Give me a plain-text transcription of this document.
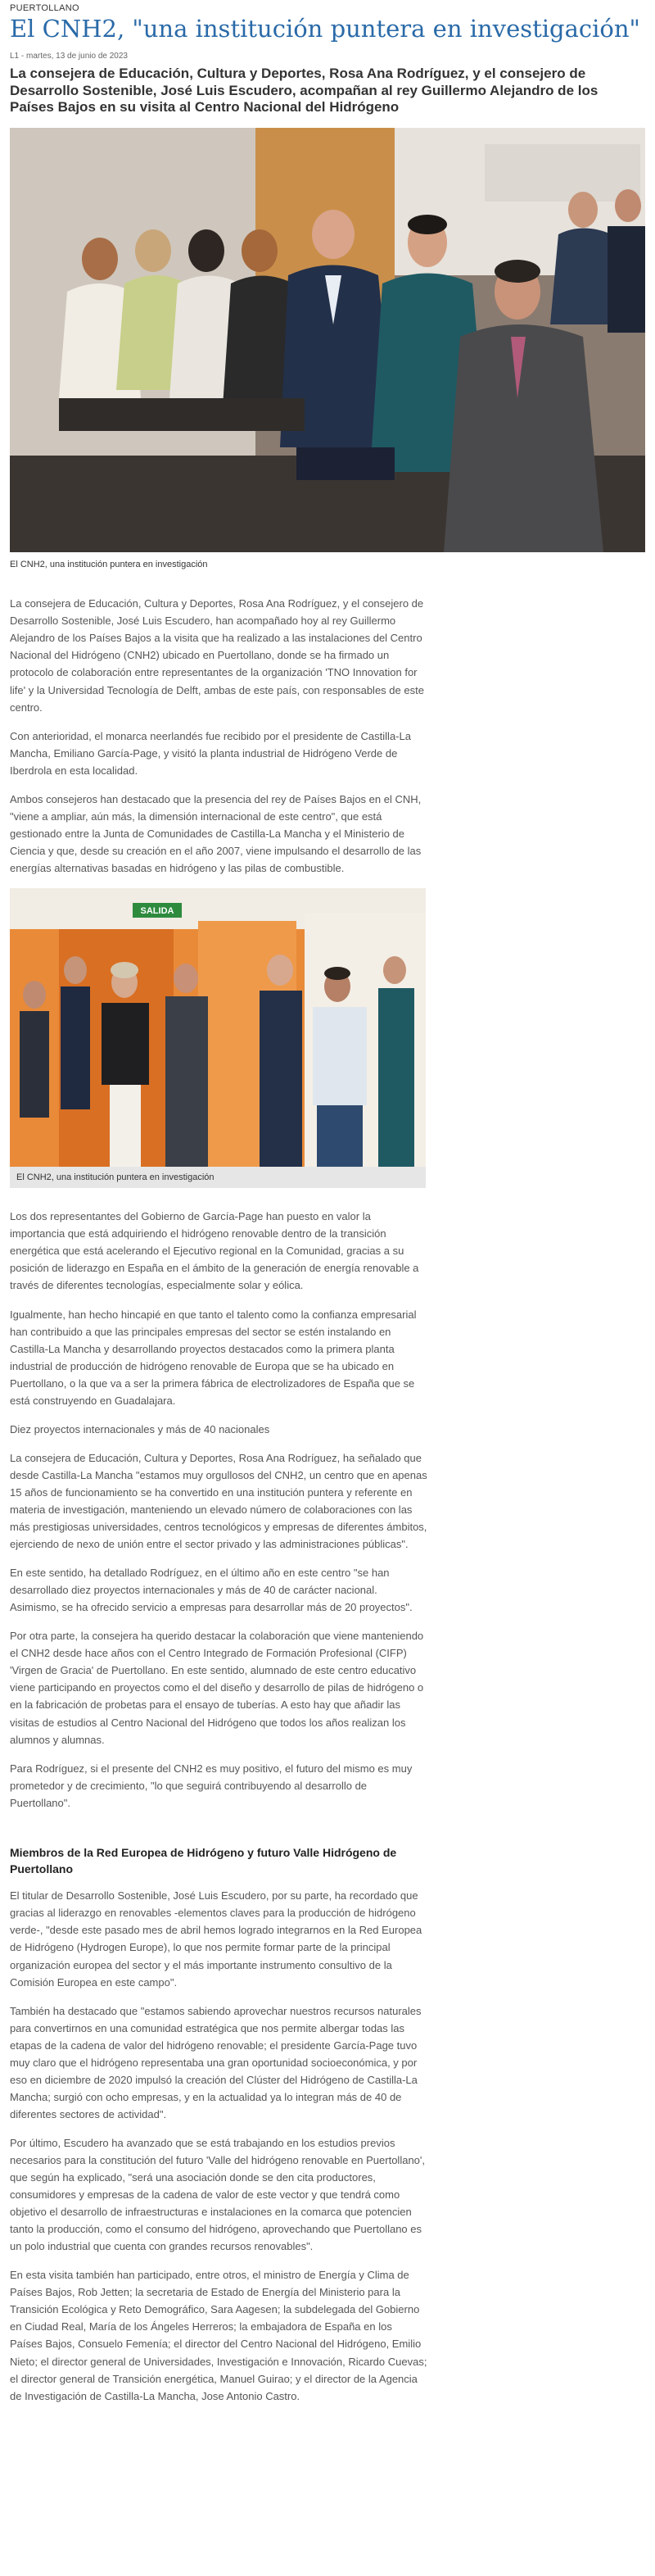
PUERTOLLANO
El CNH2, "una institución puntera en investigación"
L1 - martes, 13 de junio de 2023
La consejera de Educación, Cultura y Deportes, Rosa Ana Rodríguez, y el consejero de Desarrollo Sostenible, José Luis Escudero, acompañan al rey Guillermo Alejandro de los Países Bajos en su visita al Centro Nacional del Hidrógeno
El CNH2, una institución puntera en investigación

La consejera de Educación, Cultura y Deportes, Rosa Ana Rodríguez, y el consejero de Desarrollo Sostenible, José Luis Escudero, han acompañado hoy al rey Guillermo Alejandro de los Países Bajos a la visita que ha realizado a las instalaciones del Centro Nacional del Hidrógeno (CNH2) ubicado en Puertollano, donde se ha firmado un protocolo de colaboración entre representantes de la organización 'TNO Innovation for life' y la Universidad Tecnología de Delft, ambas de este país, con responsables de este centro.

Con anterioridad, el monarca neerlandés fue recibido por el presidente de Castilla-La Mancha, Emiliano García-Page, y visitó la planta industrial de Hidrógeno Verde de Iberdrola en esta localidad.

Ambos consejeros han destacado que la presencia del rey de Países Bajos en el CNH, "viene a ampliar, aún más, la dimensión internacional de este centro", que está gestionado entre la Junta de Comunidades de Castilla-La Mancha y el Ministerio de Ciencia y que, desde su creación en el año 2007, viene impulsando el desarrollo de las energías alternativas basadas en hidrógeno y las pilas de combustible.

SALIDA
El CNH2, una institución puntera en investigación

Los dos representantes del Gobierno de García-Page han puesto en valor la importancia que está adquiriendo el hidrógeno renovable dentro de la transición energética que está acelerando el Ejecutivo regional en la Comunidad, gracias a su posición de liderazgo en España en el ámbito de la generación de energía renovable a través de diferentes tecnologías, especialmente solar y eólica.

Igualmente, han hecho hincapié en que tanto el talento como la confianza empresarial han contribuido a que las principales empresas del sector se estén instalando en Castilla-La Mancha y desarrollando proyectos destacados como la primera planta industrial de producción de hidrógeno renovable de Europa que se ha ubicado en Puertollano, o la que va a ser la primera fábrica de electrolizadores de España que se está construyendo en Guadalajara.

Diez proyectos internacionales y más de 40 nacionales

La consejera de Educación, Cultura y Deportes, Rosa Ana Rodríguez, ha señalado que desde Castilla-La Mancha "estamos muy orgullosos del CNH2, un centro que en apenas 15 años de funcionamiento se ha convertido en una institución puntera y referente en materia de investigación, manteniendo un elevado número de colaboraciones con las más prestigiosas universidades, centros tecnológicos y empresas de diferentes ámbitos, ejerciendo de nexo de unión entre el sector privado y las administraciones públicas".

En este sentido, ha detallado Rodríguez, en el último año en este centro "se han desarrollado diez proyectos internacionales y más de 40 de carácter nacional. Asimismo, se ha ofrecido servicio a empresas para desarrollar más de 20 proyectos".

Por otra parte, la consejera ha querido destacar la colaboración que viene manteniendo el CNH2 desde hace años con el Centro Integrado de Formación Profesional (CIFP) 'Virgen de Gracia' de Puertollano. En este sentido, alumnado de este centro educativo viene participando en proyectos como el del diseño y desarrollo de pilas de hidrógeno o en la fabricación de probetas para el ensayo de tuberías. A esto hay que añadir las visitas de estudios al Centro Nacional del Hidrógeno que todos los años realizan los alumnos y alumnas.

Para Rodríguez, si el presente del CNH2 es muy positivo, el futuro del mismo es muy prometedor y de crecimiento, "lo que seguirá contribuyendo al desarrollo de Puertollano".

Miembros de la Red Europea de Hidrógeno y futuro Valle Hidrógeno de Puertollano

El titular de Desarrollo Sostenible, José Luis Escudero, por su parte, ha recordado que gracias al liderazgo en renovables -elementos claves para la producción de hidrógeno verde-, "desde este pasado mes de abril hemos logrado integrarnos en la Red Europea de Hidrógeno (Hydrogen Europe), lo que nos permite formar parte de la principal organización europea del sector y el más importante instrumento consultivo de la Comisión Europea en este campo".

También ha destacado que "estamos sabiendo aprovechar nuestros recursos naturales para convertirnos en una comunidad estratégica que nos permite albergar todas las etapas de la cadena de valor del hidrógeno renovable; el presidente García-Page tuvo muy claro que el hidrógeno representaba una gran oportunidad socioeconómica, y por eso en diciembre de 2020 impulsó la creación del Clúster del Hidrógeno de Castilla-La Mancha; surgió con ocho empresas, y en la actualidad ya lo integran más de 40 de diferentes sectores de actividad".

Por último, Escudero ha avanzado que se está trabajando en los estudios previos necesarios para la constitución del futuro 'Valle del hidrógeno renovable en Puertollano', que según ha explicado, "será una asociación donde se den cita productores, consumidores y empresas de la cadena de valor de este vector y que tendrá como objetivo el desarrollo de infraestructuras e instalaciones en la comarca que potencien tanto la producción, como el consumo del hidrógeno, aprovechando que Puertollano es un polo industrial que cuenta con grandes recursos renovables".

En esta visita también han participado, entre otros, el ministro de Energía y Clima de Países Bajos, Rob Jetten; la secretaria de Estado de Energía del Ministerio para la Transición Ecológica y Reto Demográfico, Sara Aagesen; la subdelegada del Gobierno en Ciudad Real, María de los Ángeles Herreros; la embajadora de España en los Países Bajos, Consuelo Femenía; el director del Centro Nacional del Hidrógeno, Emilio Nieto; el director general de Universidades, Investigación e Innovación, Ricardo Cuevas; el director general de Transición energética, Manuel Guirao; y el director de la Agencia de Investigación de Castilla-La Mancha, Jose Antonio Castro.
